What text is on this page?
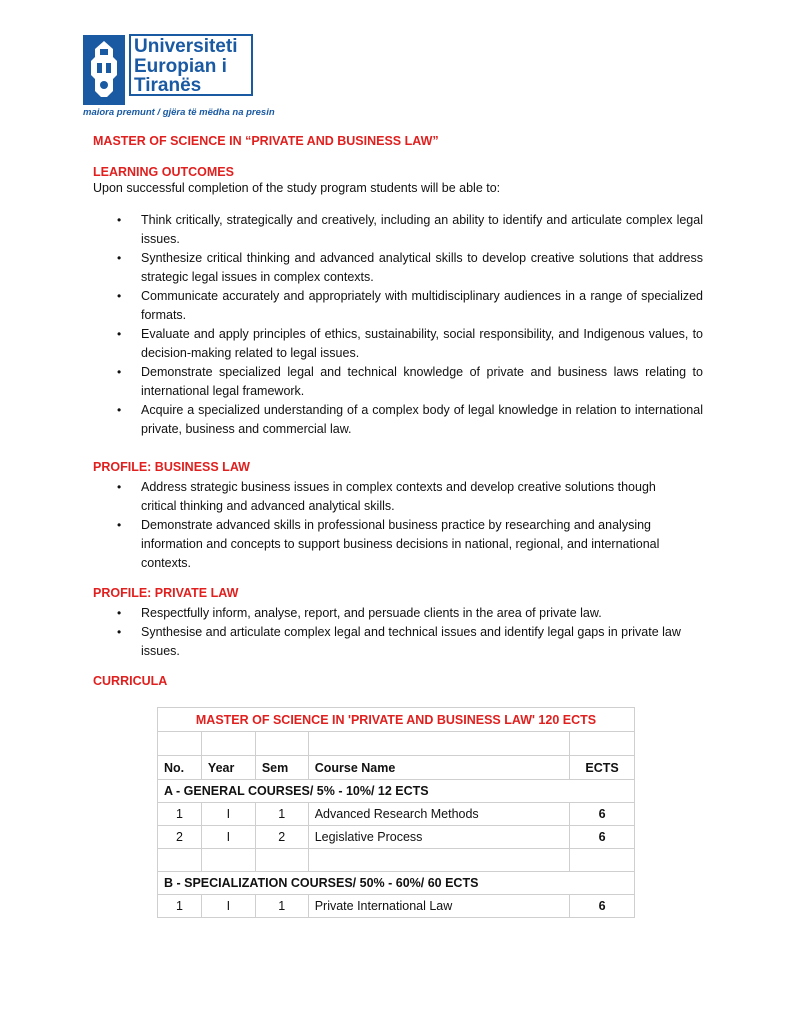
Universiteti
Europian i
Tiranës
maiora premunt / gjëra të mëdha na presin
MASTER OF SCIENCE IN “PRIVATE AND BUSINESS LAW”
LEARNING OUTCOMES
Upon successful completion of the study program students will be able to:
• Think critically, strategically and creatively, including an ability to identify and articulate complex legal issues.
• Synthesize critical thinking and advanced analytical skills to develop creative solutions that address strategic legal issues in complex contexts.
• Communicate accurately and appropriately with multidisciplinary audiences in a range of specialized formats.
• Evaluate and apply principles of ethics, sustainability, social responsibility, and Indigenous values, to decision-making related to legal issues.
• Demonstrate specialized legal and technical knowledge of private and business laws relating to international legal framework.
• Acquire a specialized understanding of a complex body of legal knowledge in relation to international private, business and commercial law.
PROFILE: BUSINESS LAW
• Address strategic business issues in complex contexts and develop creative solutions though critical thinking and advanced analytical skills.
• Demonstrate advanced skills in professional business practice by researching and analysing information and concepts to support business decisions in national, regional, and international contexts.
PROFILE: PRIVATE LAW
• Respectfully inform, analyse, report, and persuade clients in the area of private law.
• Synthesise and articulate complex legal and technical issues and identify legal gaps in private law issues.
CURRICULA
MASTER OF SCIENCE IN 'PRIVATE AND BUSINESS LAW' 120 ECTS				

No.	Year	Sem	Course Name	ECTS
A - GENERAL COURSES/ 5% - 10%/ 12 ECTS				
1	I	1	Advanced Research Methods	6
2	I	2	Legislative Process	6

B - SPECIALIZATION COURSES/ 50% - 60%/ 60 ECTS				
1	I	1	Private International Law	6
